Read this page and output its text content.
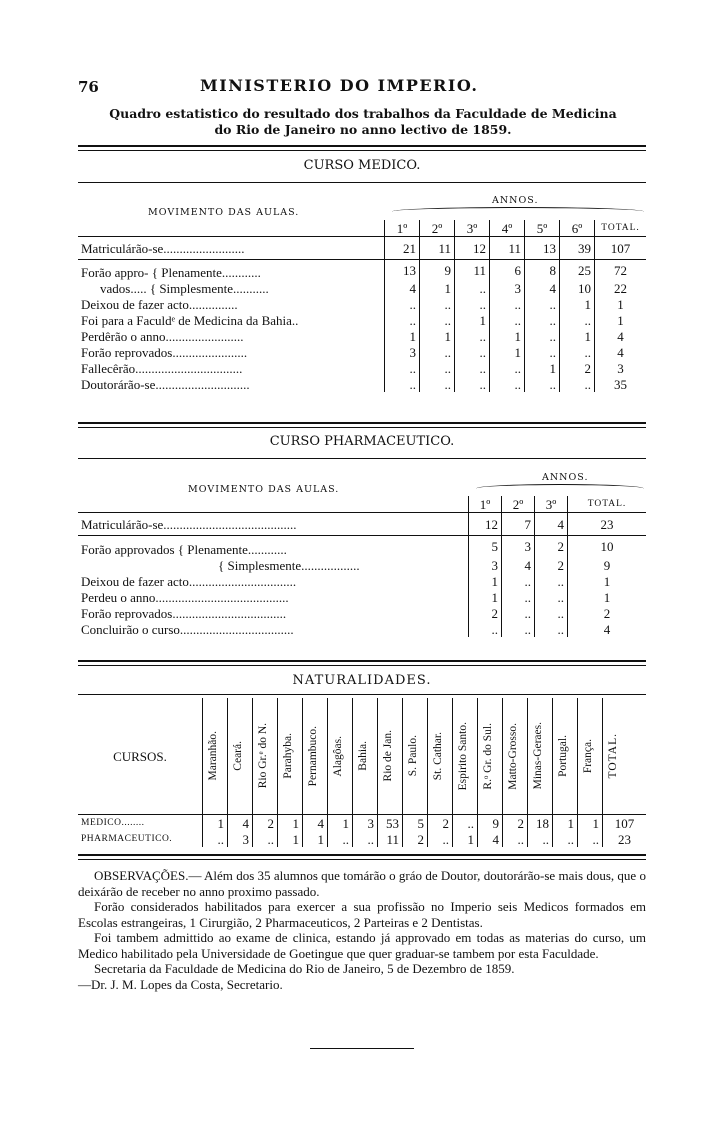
76	MINISTERIO DO IMPERIO.
Quadro estatistico do resultado dos trabalhos da Faculdade de Medicina
do Rio de Janeiro no anno lectivo de 1859.
CURSO MEDICO.
MOVIMENTO DAS AULAS.
ANNOS.
	1º	2º	3º	4º	5º	6º	TOTAL.
Matriculárão-se.........................	21	11	12	11	13	39	107
Forão appro- { Plenamente............	13	9	11	6	8	25	72
vados..... { Simplesmente...........	4	1	..	3	4	10	22
Deixou de fazer acto...............	..	..	..	..	..	1	1
Foi para a Faculdᵉ de Medicina da Bahia..	..	..	1	..	..	..	1
Perdêrão o anno........................	1	1	..	1	..	1	4
Forão reprovados.......................	3	..	..	1	..	..	4
Fallecêrão.................................	..	..	..	..	1	2	3
Doutorárão-se.............................	..	..	..	..	..	..	35
CURSO PHARMACEUTICO.
MOVIMENTO DAS AULAS.
ANNOS.
	1º	2º	3º	TOTAL.
Matriculárão-se.........................................	12	7	4	23
Forão approvados { Plenamente............	5	3	2	10
{ Simplesmente..................	3	4	2	9
Deixou de fazer acto.................................	1	..	..	1
Perdeu o anno.........................................	1	..	..	1
Forão reprovados...................................	2	..	..	2
Concluirão o curso...................................	..	..	..	4
NATURALIDADES.
CURSOS.	Maranhão.	Ceará.	Rio Gr.ᵉ do N.	Parahyba.	Pernambuco.	Alagôas.	Bahia.	Rio de Jan.	S. Paulo.	St. Cathar.	Espirito Santo.	R.ᵒ Gr. do Sul.	Matto-Grosso.	Minas-Geraes.	Portugal.	França.	TOTAL.

MEDICO........	1	4	2	1	4	1	3	53	5	2	..	9	2	18	1	1	107
PHARMACEUTICO.	..	3	..	1	1	..	..	11	2	..	1	4	..	..	..	..	23

OBSERVAÇÕES.— Além dos 35 alumnos que tomárão o gráo de Doutor, doutorárão-se mais dous, que o deixárão de receber no anno proximo passado.

Forão considerados habilitados para exercer a sua profissão no Imperio seis Medicos formados em Escolas estrangeiras, 1 Cirurgião, 2 Pharmaceuticos, 2 Parteiras e 2 Dentistas.

Foi tambem admittido ao exame de clinica, estando já approvado em todas as materias do curso, um Medico habilitado pela Universidade de Goetingue que quer graduar-se tambem por esta Faculdade.

Secretaria da Faculdade de Medicina do Rio de Janeiro, 5 de Dezembro de 1859.

—Dr. J. M. Lopes da Costa, Secretario.
